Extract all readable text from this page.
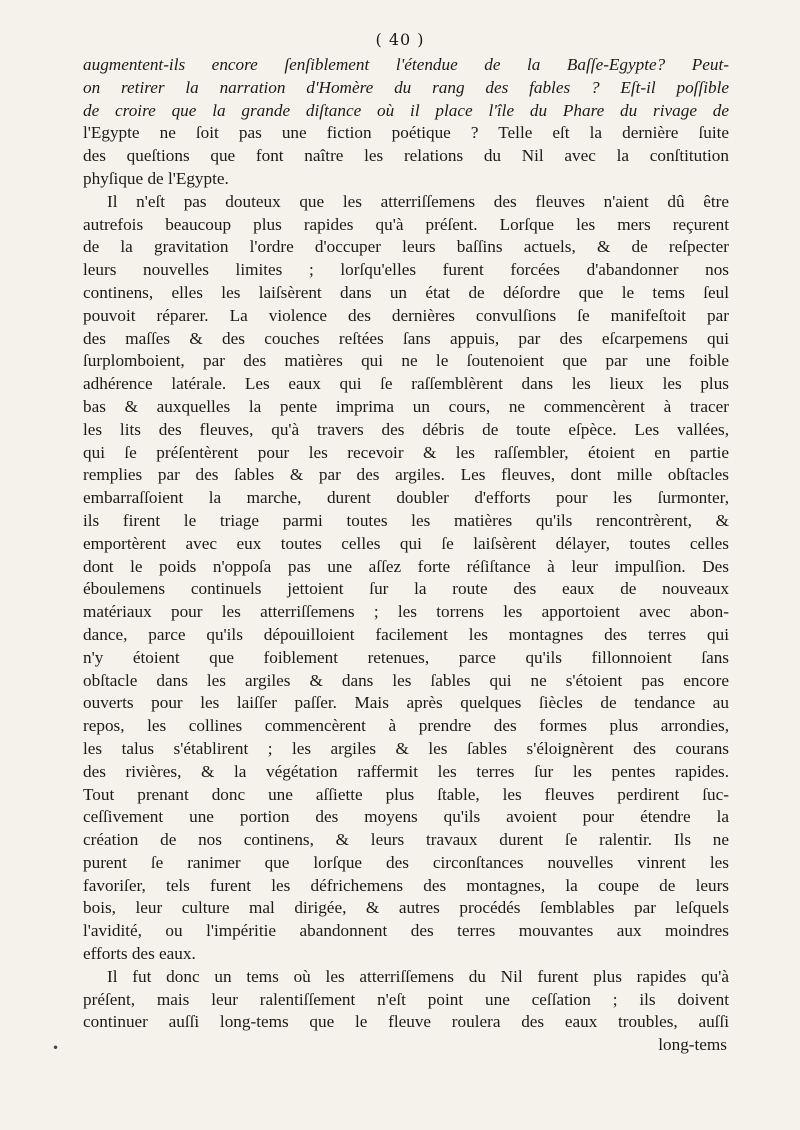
( 40 )
augmentent-ils encore ſenſiblement l'étendue de la Baſſe-Egypte? Peut-
on retirer la narration d'Homère du rang des fables ? Eſt-il poſſible
de croire que la grande diſtance où il place l'île du Phare du rivage de
l'Egypte ne ſoit pas une fiction poétique ? Telle eſt la dernière ſuite
des queſtions que font naître les relations du Nil avec la conſtitution
phyſique de l'Egypte.
Il n'eſt pas douteux que les atterriſſemens des fleuves n'aient dû être
autrefois beaucoup plus rapides qu'à préſent. Lorſque les mers reçurent
de la gravitation l'ordre d'occuper leurs baſſins actuels, & de reſpecter
leurs nouvelles limites ; lorſqu'elles furent forcées d'abandonner nos
continens, elles les laiſsèrent dans un état de déſordre que le tems ſeul
pouvoit réparer. La violence des dernières convulſions ſe manifeſtoit par
des maſſes & des couches reſtées ſans appuis, par des eſcarpemens qui
ſurplomboient, par des matières qui ne le ſoutenoient que par une foible
adhérence latérale. Les eaux qui ſe raſſemblèrent dans les lieux les plus
bas & auxquelles la pente imprima un cours, ne commencèrent à tracer
les lits des fleuves, qu'à travers des débris de toute eſpèce. Les vallées,
qui ſe préſentèrent pour les recevoir & les raſſembler, étoient en partie
remplies par des ſables & par des argiles. Les fleuves, dont mille obſtacles
embarraſſoient la marche, durent doubler d'efforts pour les ſurmonter,
ils firent le triage parmi toutes les matières qu'ils rencontrèrent, &
emportèrent avec eux toutes celles qui ſe laiſsèrent délayer, toutes celles
dont le poids n'oppoſa pas une aſſez forte réſiſtance à leur impulſion. Des
éboulemens continuels jettoient ſur la route des eaux de nouveaux
matériaux pour les atterriſſemens ; les torrens les apportoient avec abon-
dance, parce qu'ils dépouilloient facilement les montagnes des terres qui
n'y étoient que foiblement retenues, parce qu'ils fillonnoient ſans
obſtacle dans les argiles & dans les ſables qui ne s'étoient pas encore
ouverts pour les laiſſer paſſer. Mais après quelques ſiècles de tendance au
repos, les collines commencèrent à prendre des formes plus arrondies,
les talus s'établirent ; les argiles & les ſables s'éloignèrent des courans
des rivières, & la végétation raffermit les terres ſur les pentes rapides.
Tout prenant donc une aſſiette plus ſtable, les fleuves perdirent ſuc-
ceſſivement une portion des moyens qu'ils avoient pour étendre la
création de nos continens, & leurs travaux durent ſe ralentir. Ils ne
purent ſe ranimer que lorſque des circonſtances nouvelles vinrent les
favoriſer, tels furent les défrichemens des montagnes, la coupe de leurs
bois, leur culture mal dirigée, & autres procédés ſemblables par leſquels
l'avidité, ou l'impéritie abandonnent des terres mouvantes aux moindres
efforts des eaux.
Il fut donc un tems où les atterriſſemens du Nil furent plus rapides qu'à
préſent, mais leur ralentiſſement n'eſt point une ceſſation ; ils doivent
continuer auſſi long-tems que le fleuve roulera des eaux troubles, auſſi
long-tems
•
